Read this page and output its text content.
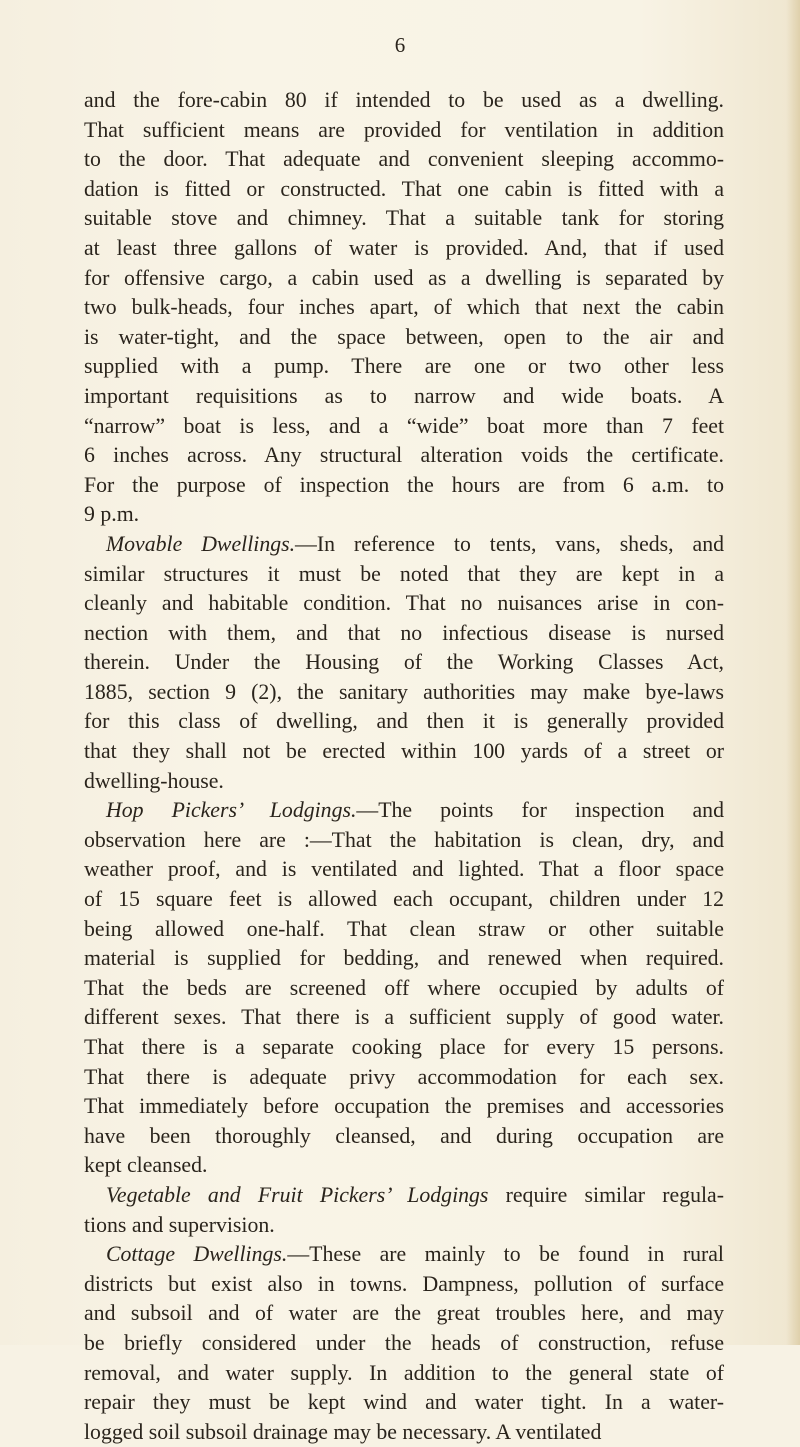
6
and the fore-cabin 80 if intended to be used as a dwelling.
That sufficient means are provided for ventilation in addition
to the door. That adequate and convenient sleeping accommo-
dation is fitted or constructed. That one cabin is fitted with a
suitable stove and chimney. That a suitable tank for storing
at least three gallons of water is provided. And, that if used
for offensive cargo, a cabin used as a dwelling is separated by
two bulk-heads, four inches apart, of which that next the cabin
is water-tight, and the space between, open to the air and
supplied with a pump. There are one or two other less
important requisitions as to narrow and wide boats. A
“narrow” boat is less, and a “wide” boat more than 7 feet
6 inches across. Any structural alteration voids the certificate.
For the purpose of inspection the hours are from 6 a.m. to
9 p.m.
Movable Dwellings.—In reference to tents, vans, sheds, and
similar structures it must be noted that they are kept in a
cleanly and habitable condition. That no nuisances arise in con-
nection with them, and that no infectious disease is nursed
therein. Under the Housing of the Working Classes Act,
1885, section 9 (2), the sanitary authorities may make bye-laws
for this class of dwelling, and then it is generally provided
that they shall not be erected within 100 yards of a street or
dwelling-house.
Hop Pickers’ Lodgings.—The points for inspection and
observation here are :—That the habitation is clean, dry, and
weather proof, and is ventilated and lighted. That a floor space
of 15 square feet is allowed each occupant, children under 12
being allowed one-half. That clean straw or other suitable
material is supplied for bedding, and renewed when required.
That the beds are screened off where occupied by adults of
different sexes. That there is a sufficient supply of good water.
That there is a separate cooking place for every 15 persons.
That there is adequate privy accommodation for each sex.
That immediately before occupation the premises and accessories
have been thoroughly cleansed, and during occupation are
kept cleansed.
Vegetable and Fruit Pickers’ Lodgings require similar regula-
tions and supervision.
Cottage Dwellings.—These are mainly to be found in rural
districts but exist also in towns. Dampness, pollution of surface
and subsoil and of water are the great troubles here, and may
be briefly considered under the heads of construction, refuse
removal, and water supply. In addition to the general state of
repair they must be kept wind and water tight. In a water-
logged soil subsoil drainage may be necessary. A ventilated
